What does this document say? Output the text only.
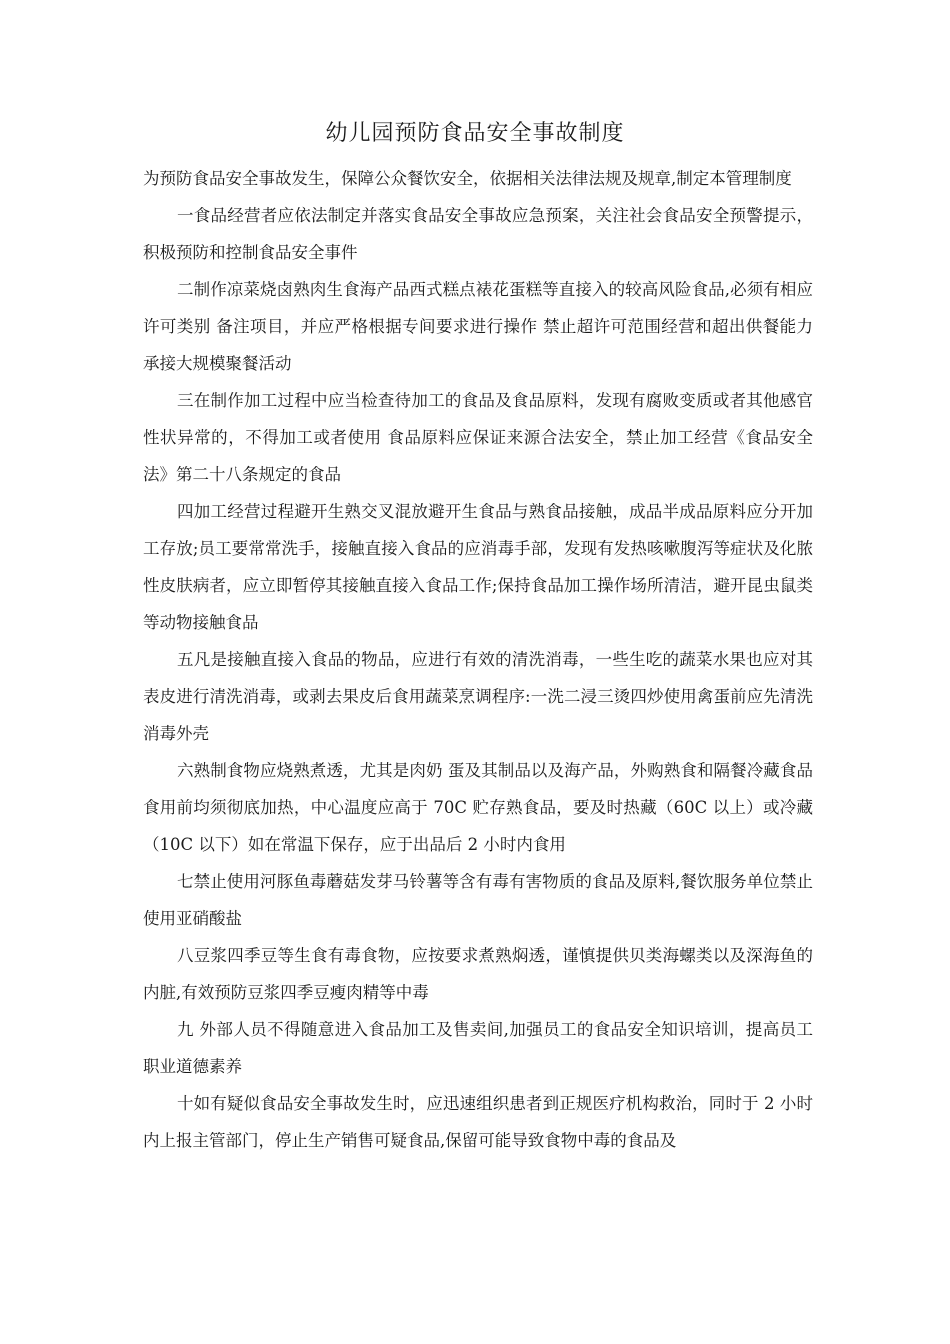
幼儿园预防食品安全事故制度

为预防食品安全事故发生，保障公众餐饮安全，依据相关法律法规及规章,制定本管理制度

一食品经营者应依法制定并落实食品安全事故应急预案，关注社会食品安全预警提示，积极预防和控制食品安全事件

二制作凉菜烧卤熟肉生食海产品西式糕点裱花蛋糕等直接入的较高风险食品,必须有相应许可类别 备注项目，并应严格根据专间要求进行操作 禁止超许可范围经营和超出供餐能力承接大规模聚餐活动

三在制作加工过程中应当检查待加工的食品及食品原料，发现有腐败变质或者其他感官性状异常的，不得加工或者使用 食品原料应保证来源合法安全，禁止加工经营《食品安全法》第二十八条规定的食品

四加工经营过程避开生熟交叉混放避开生食品与熟食品接触，成品半成品原料应分开加工存放;员工要常常洗手，接触直接入食品的应消毒手部，发现有发热咳嗽腹泻等症状及化脓性皮肤病者，应立即暂停其接触直接入食品工作;保持食品加工操作场所清洁，避开昆虫鼠类等动物接触食品

五凡是接触直接入食品的物品，应进行有效的清洗消毒，一些生吃的蔬菜水果也应对其表皮进行清洗消毒，或剥去果皮后食用蔬菜烹调程序:一洗二浸三烫四炒使用禽蛋前应先清洗消毒外壳

六熟制食物应烧熟煮透，尤其是肉奶 蛋及其制品以及海产品，外购熟食和隔餐冷藏食品食用前均须彻底加热，中心温度应高于 70C 贮存熟食品，要及时热藏（60C 以上）或冷藏（10C 以下）如在常温下保存，应于出品后 2 小时内食用

七禁止使用河豚鱼毒蘑菇发芽马铃薯等含有毒有害物质的食品及原料,餐饮服务单位禁止使用亚硝酸盐

八豆浆四季豆等生食有毒食物，应按要求煮熟焖透，谨慎提供贝类海螺类以及深海鱼的内脏,有效预防豆浆四季豆瘦肉精等中毒

九 外部人员不得随意进入食品加工及售卖间,加强员工的食品安全知识培训，提高员工职业道德素养

十如有疑似食品安全事故发生时，应迅速组织患者到正规医疗机构救治，同时于 2 小时内上报主管部门，停止生产销售可疑食品,保留可能导致食物中毒的食品及
